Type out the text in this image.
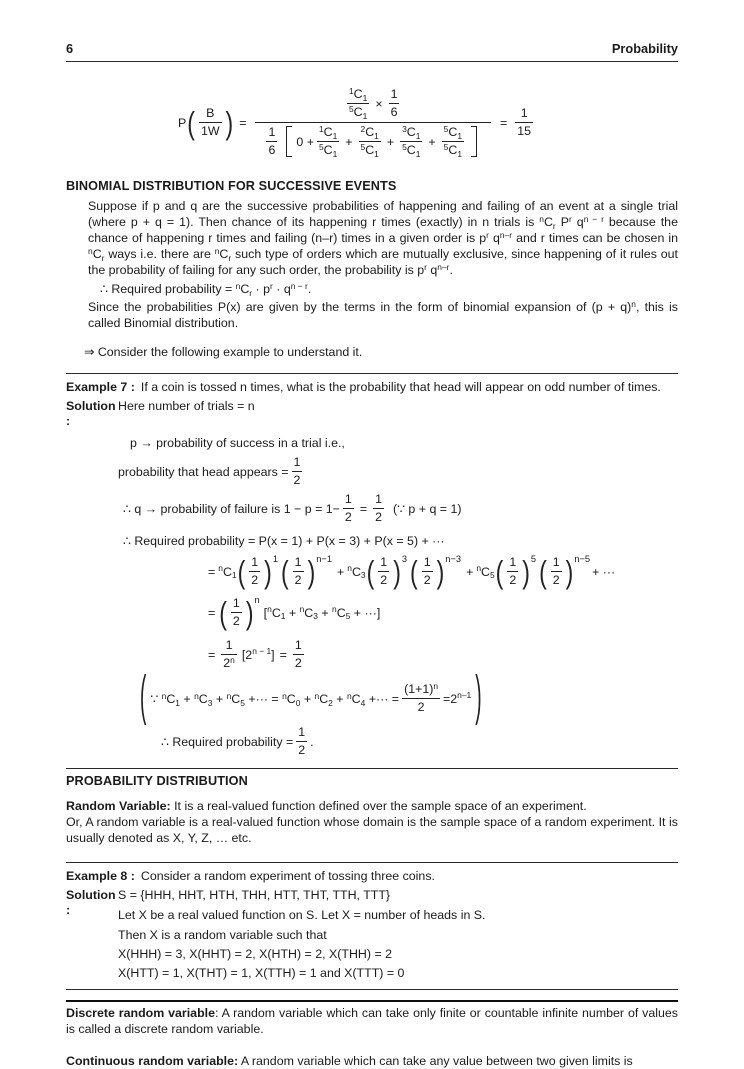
6	Probability
P ( $\frac{B}{1W}$ ) =
$\frac{^1C_1}{^5C_1} \times \frac{1}{6}$
$\frac{1}{6} 0 + \frac{^1C_1}{^5C_1} + \frac{^2C_1}{^5C_1} + \frac{^3C_1}{^5C_1} + \frac{^5C_1}{^5C_1}$
= $\frac{1}{15}$
BINOMIAL DISTRIBUTION FOR SUCCESSIVE EVENTS

Suppose if p and q are the successive probabilities of happening and failing of an event at a single trial (where p + q = 1). Then chance of its happening r times (exactly) in n trials is $^nC_r$ $P^r$ $q^{n - r}$ because the chance of happening r times and failing (n–r) times in a given order is $p^r$ $q^{n-r}$ and r times can be chosen in $^nC_r$ ways i.e. there are $^nC_r$ such type of orders which are mutually exclusive, since happening of it rules out the probability of failing for any such order, the probability is $p^r$ $q^{n-r}$.

∴ Required probability = $^nC_r \cdot p^r \cdot q^{n - r}$.

Since the probabilities P(x) are given by the terms in the form of binomial expansion of $(p + q)^n$, this is called Binomial distribution.

⇒ Consider the following example to understand it.

Example 7 : If a coin is tossed n times, what is the probability that head will appear on odd number of times.

Solution :
Here number of trials = n

p → probability of success in a trial i.e.,

probability that head appears = $\frac{1}{2}$
∴ q → probability of failure is $1 - p = 1- \frac{1}{2} = \frac{1}{2}$ (∵ p + q = 1)

∴ Required probability = P(x = 1) + P(x = 3) + P(x = 5) + ···

= $^nC_1$ ( $\frac{1}{2} )^1$ ( $\frac{1}{2} )^{n-1}$
+ $^nC_3$ ( $\frac{1}{2} )^3$ ( $\frac{1}{2} )^{n-3}$
+ $^nC_5$ ( $\frac{1}{2} )^5$ ( $\frac{1}{2} )^{n-5}$
+ ···
= ( $\frac{1}{2} )^n$
[$^nC_1 + ^nC_3 + ^nC_5$ + ···]
= $\frac{1}{2^n} [2^{n - 1}] = \frac{1}{2}$
( ∵ $^nC_1 + ^nC_3 + ^nC_5$ +··· = $^nC_0 + ^nC_2 + ^nC_4$ +··· = $\frac{(1+1)^n}{2} =2^{n-1}$ )
∴ Required probability = $\frac{1}{2}$ .
PROBABILITY DISTRIBUTION

Random Variable: It is a real-valued function defined over the sample space of an experiment.

Or, A random variable is a real-valued function whose domain is the sample space of a random experiment. It is usually denoted as X, Y, Z, … etc.

Example 8 : Consider a random experiment of tossing three coins.

Solution :
S = {HHH, HHT, HTH, THH, HTT, THT, TTH, TTT}
Let X be a real valued function on S. Let X = number of heads in S.
Then X is a random variable such that
X(HHH) = 3, X(HHT) = 2, X(HTH) = 2, X(THH) = 2
X(HTT) = 1, X(THT) = 1, X(TTH) = 1 and X(TTT) = 0

Discrete random variable: A random variable which can take only finite or countable infinite number of values is called a discrete random variable.

Continuous random variable: A random variable which can take any value between two given limits is
